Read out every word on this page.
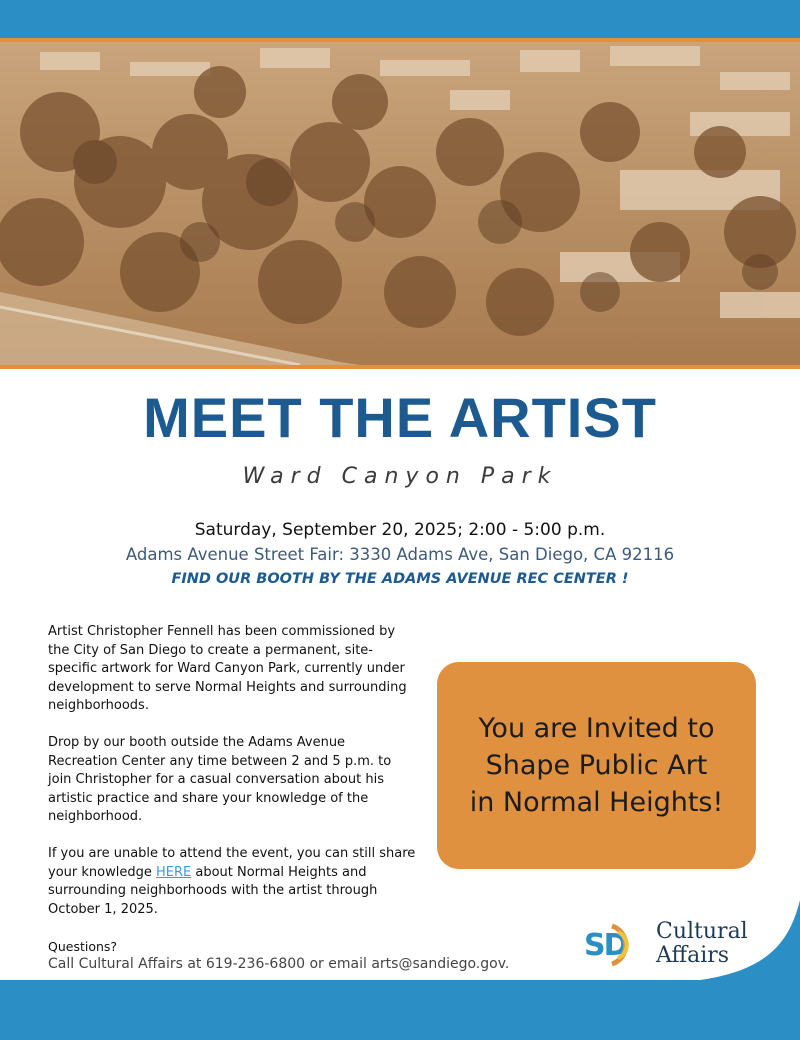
MEET THE ARTIST
Ward Canyon Park
Saturday, September 20, 2025; 2:00 - 5:00 p.m.
Adams Avenue Street Fair: 3330 Adams Ave, San Diego, CA 92116
FIND OUR BOOTH BY THE ADAMS AVENUE REC CENTER !

Artist Christopher Fennell has been commissioned by the City of San Diego to create a permanent, site-specific artwork for Ward Canyon Park, currently under development to serve Normal Heights and surrounding neighborhoods.

Drop by our booth outside the Adams Avenue Recreation Center any time between 2 and 5 p.m. to join Christopher for a casual conversation about his artistic practice and share your knowledge of the neighborhood.

If you are unable to attend the event, you can still share your knowledge HERE about Normal Heights and surrounding neighborhoods with the artist through October 1, 2025.

You are Invited to
Shape Public Art
in Normal Heights!
Questions?
Call Cultural Affairs at 619-236-6800 or email arts@sandiego.gov.
SD Cultural
Affairs
